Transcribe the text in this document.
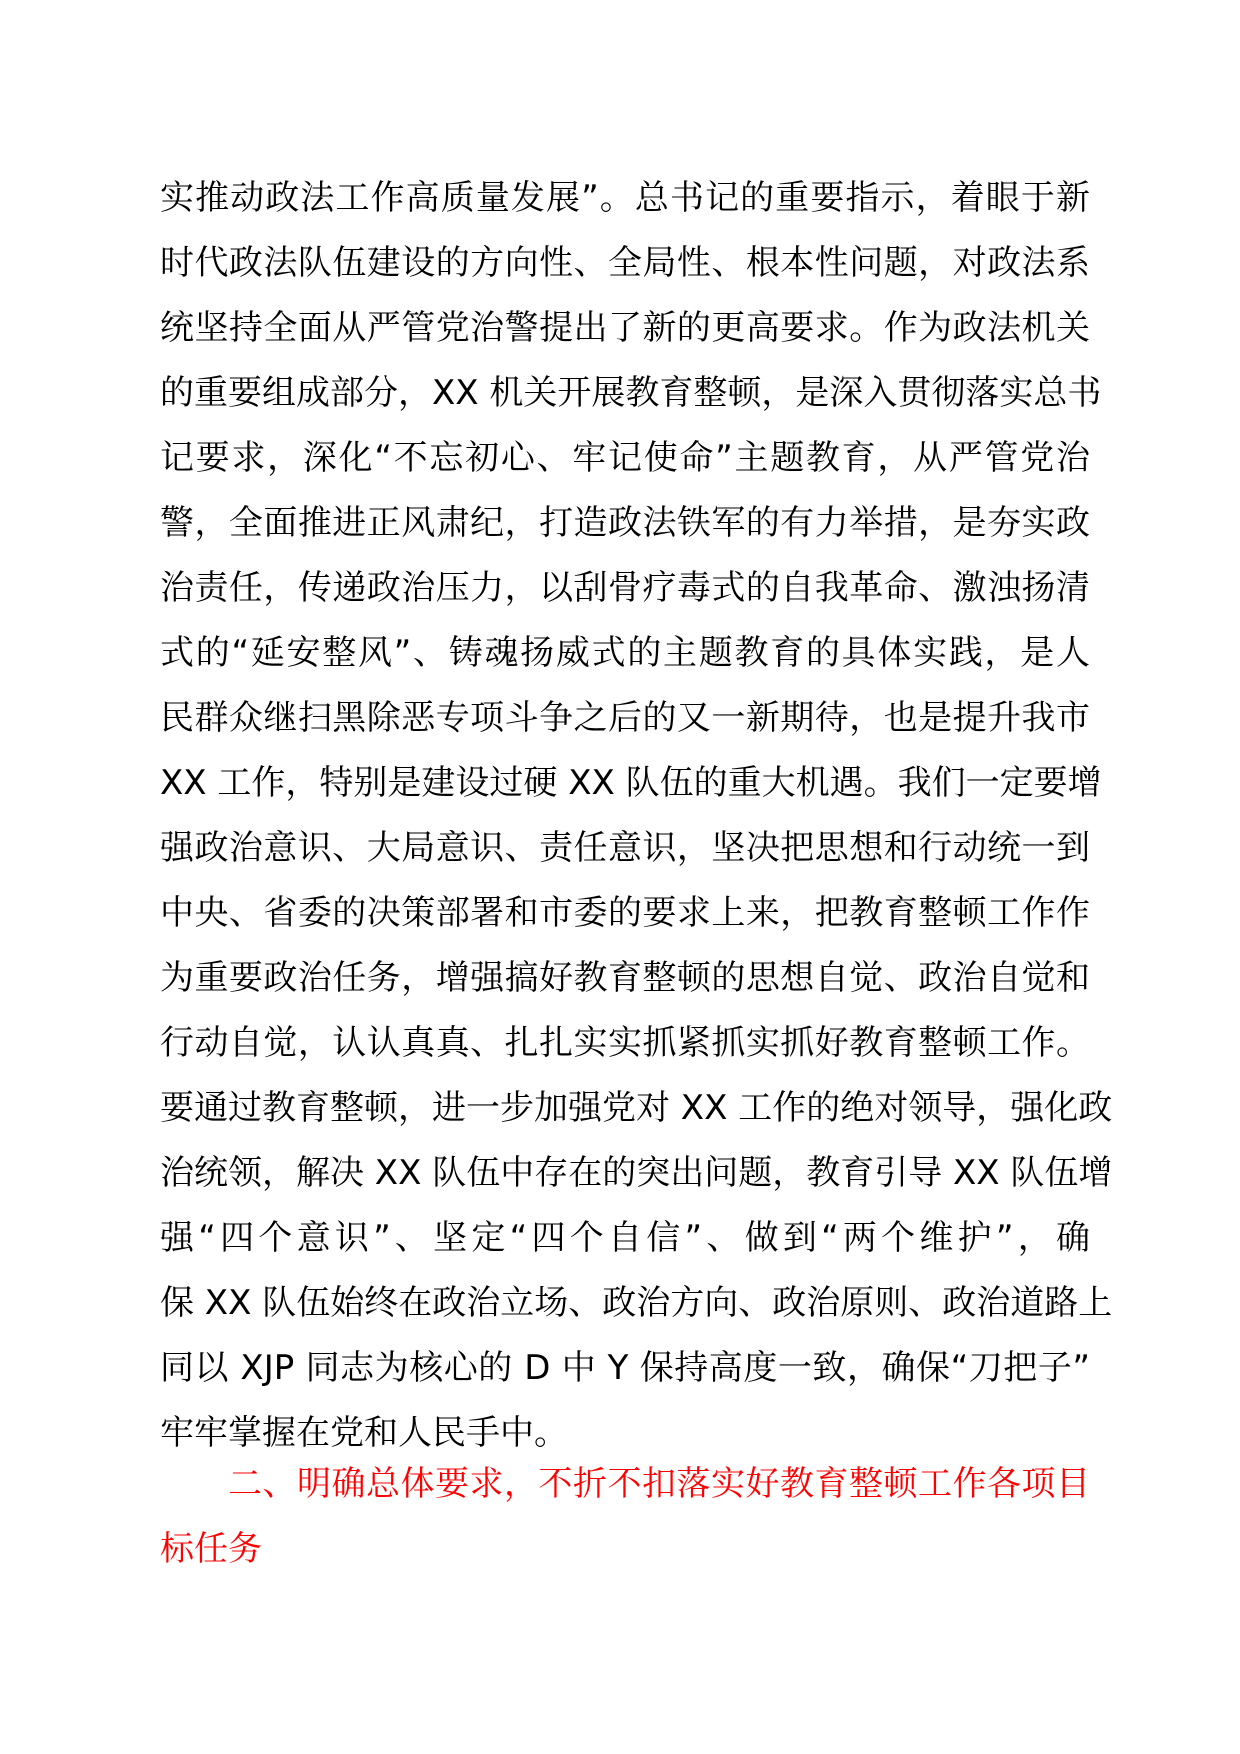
实推动政法工作高质量发展”。总书记的重要指示，着眼于新
时代政法队伍建设的方向性、全局性、根本性问题，对政法系
统坚持全面从严管党治警提出了新的更高要求。作为政法机关
的重要组成部分，XX 机关开展教育整顿，是深入贯彻落实总书
记要求，深化“不忘初心、牢记使命”主题教育，从严管党治
警，全面推进正风肃纪，打造政法铁军的有力举措，是夯实政
治责任，传递政治压力，以刮骨疗毒式的自我革命、激浊扬清
式的“延安整风”、铸魂扬威式的主题教育的具体实践，是人
民群众继扫黑除恶专项斗争之后的又一新期待，也是提升我市
XX 工作，特别是建设过硬 XX 队伍的重大机遇。我们一定要增
强政治意识、大局意识、责任意识，坚决把思想和行动统一到
中央、省委的决策部署和市委的要求上来，把教育整顿工作作
为重要政治任务，增强搞好教育整顿的思想自觉、政治自觉和
行动自觉，认认真真、扎扎实实抓紧抓实抓好教育整顿工作。
要通过教育整顿，进一步加强党对 XX 工作的绝对领导，强化政
治统领，解决 XX 队伍中存在的突出问题，教育引导 XX 队伍增
强“四个意识”、坚定“四个自信”、做到“两个维护”，确
保 XX 队伍始终在政治立场、政治方向、政治原则、政治道路上
同以 XJP 同志为核心的 D 中 Y 保持高度一致，确保“刀把子”
牢牢掌握在党和人民手中。
二、明确总体要求，不折不扣落实好教育整顿工作各项目
标任务
